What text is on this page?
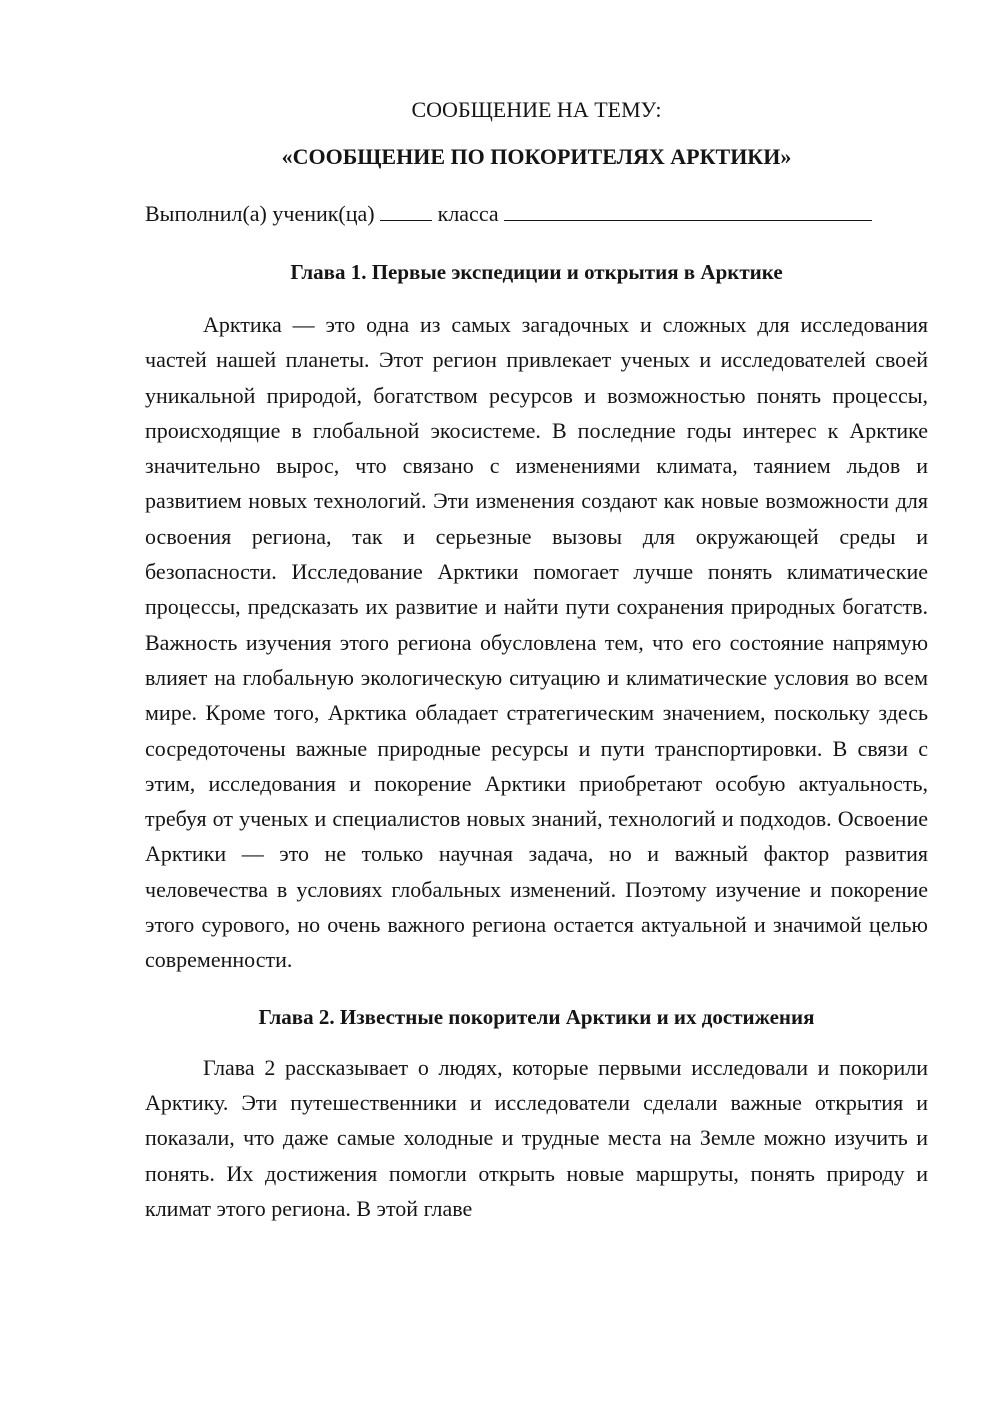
СООБЩЕНИЕ НА ТЕМУ:

«СООБЩЕНИЕ ПО ПОКОРИТЕЛЯХ АРКТИКИ»

Выполнил(а) ученик(ца)	класса
Глава 1. Первые экспедиции и открытия в Арктике

Арктика — это одна из самых загадочных и сложных для исследования частей нашей планеты. Этот регион привлекает ученых и исследователей своей уникальной природой, богатством ресурсов и возможностью понять процессы, происходящие в глобальной экосистеме. В последние годы интерес к Арктике значительно вырос, что связано с изменениями климата, таянием льдов и развитием новых технологий. Эти изменения создают как новые возможности для освоения региона, так и серьезные вызовы для окружающей среды и безопасности. Исследование Арктики помогает лучше понять климатические процессы, предсказать их развитие и найти пути сохранения природных богатств. Важность изучения этого региона обусловлена тем, что его состояние напрямую влияет на глобальную экологическую ситуацию и климатические условия во всем мире. Кроме того, Арктика обладает стратегическим значением, поскольку здесь сосредоточены важные природные ресурсы и пути транспортировки. В связи с этим, исследования и покорение Арктики приобретают особую актуальность, требуя от ученых и специалистов новых знаний, технологий и подходов. Освоение Арктики — это не только научная задача, но и важный фактор развития человечества в условиях глобальных изменений. Поэтому изучение и покорение этого сурового, но очень важного региона остается актуальной и значимой целью современности.

Глава 2. Известные покорители Арктики и их достижения

Глава 2 рассказывает о людях, которые первыми исследовали и покорили Арктику. Эти путешественники и исследователи сделали важные открытия и показали, что даже самые холодные и трудные места на Земле можно изучить и понять. Их достижения помогли открыть новые маршруты, понять природу и климат этого региона. В этой главе
